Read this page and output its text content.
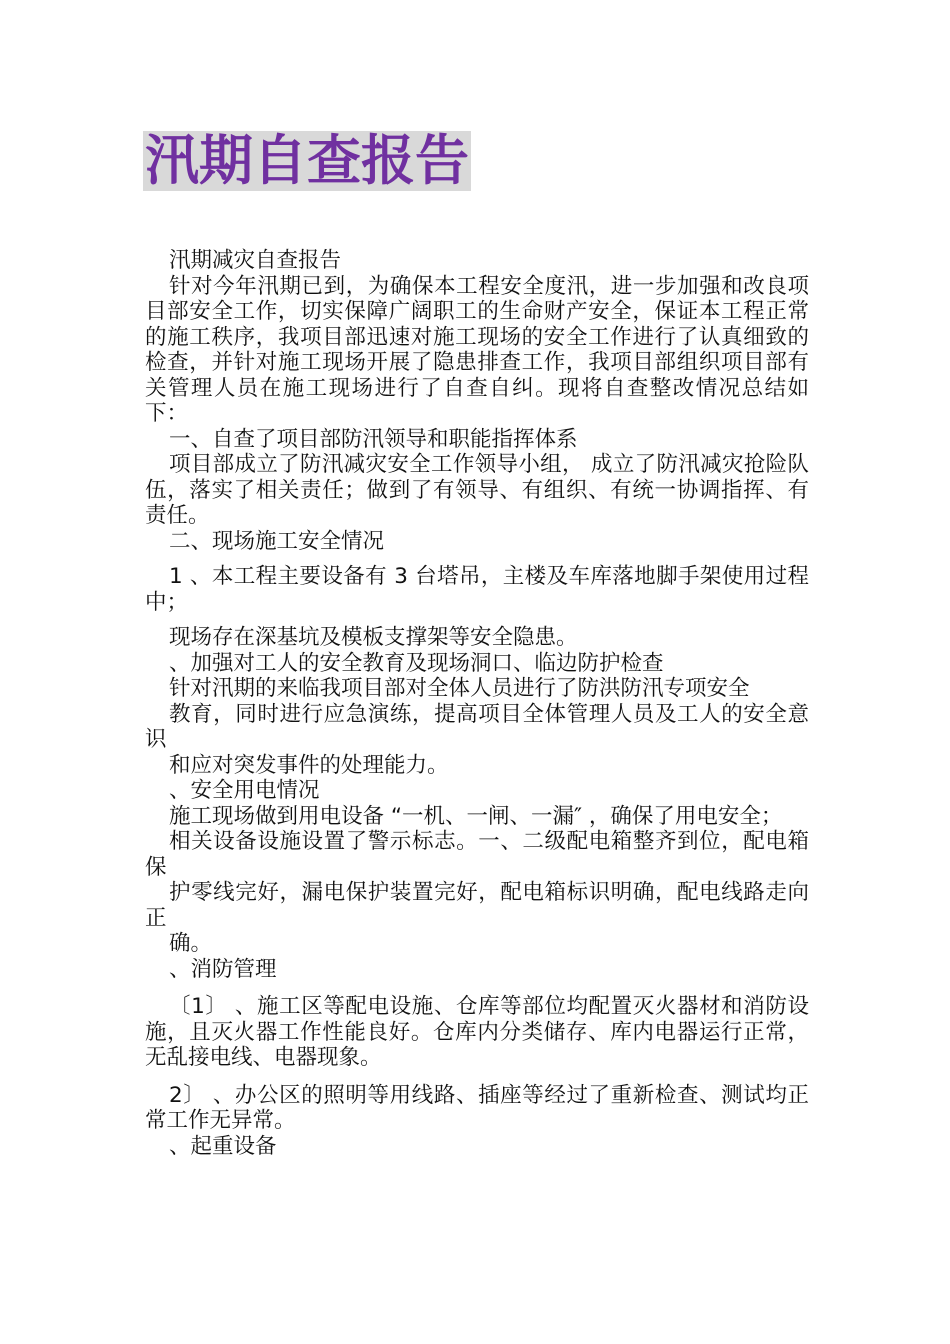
汛期自查报告

汛期减灾自查报告

针对今年汛期已到，为确保本工程安全度汛，进一步加强和改良项目部安全工作，切实保障广阔职工的生命财产安全，保证本工程正常的施工秩序，我项目部迅速对施工现场的安全工作进行了认真细致的检查，并针对施工现场开展了隐患排查工作，我项目部组织项目部有关管理人员在施工现场进行了自查自纠。现将自查整改情况总结如下：

一、自查了项目部防汛领导和职能指挥体系

项目部成立了防汛减灾安全工作领导小组， 成立了防汛减灾抢险队伍，落实了相关责任；做到了有领导、有组织、有统一协调指挥、有责任。

二、现场施工安全情况

1 、本工程主要设备有 3 台塔吊，主楼及车库落地脚手架使用过程中；

现场存在深基坑及模板支撑架等安全隐患。

、加强对工人的安全教育及现场洞口、临边防护检查

针对汛期的来临我项目部对全体人员进行了防洪防汛专项安全

教育，同时进行应急演练，提高项目全体管理人员及工人的安全意识

和应对突发事件的处理能力。

、安全用电情况

施工现场做到用电设备 “一机、一闸、一漏″ ，确保了用电安全；

相关设备设施设置了警示标志。一、二级配电箱整齐到位，配电箱保

护零线完好，漏电保护装置完好，配电箱标识明确，配电线路走向正

确。

、消防管理

〔1〕 、施工区等配电设施、仓库等部位均配置灭火器材和消防设施，且灭火器工作性能良好。仓库内分类储存、库内电器运行正常，无乱接电线、电器现象。

2〕 、办公区的照明等用线路、插座等经过了重新检查、测试均正常工作无异常。

、起重设备
